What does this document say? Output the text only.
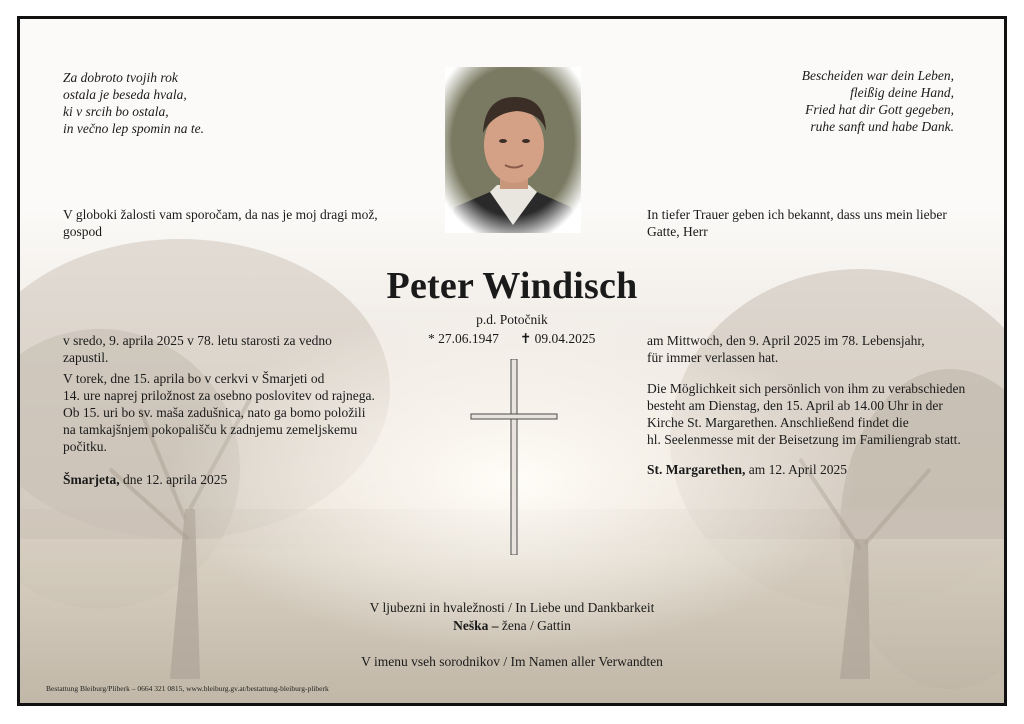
Za dobroto tvojih rok
ostala je beseda hvala,
ki v srcih bo ostala,
in večno lep spomin na te.
Bescheiden war dein Leben,
fleißig deine Hand,
Fried hat dir Gott gegeben,
ruhe sanft und habe Dank.
V globoki žalosti vam sporočam, da nas je moj dragi mož,
gospod
In tiefer Trauer geben ich bekannt, dass uns mein lieber
Gatte, Herr
Peter Windisch
p.d. Potočnik
* 27.06.1947 ✝ 09.04.2025
v sredo, 9. aprila 2025 v 78. letu starosti za vedno
zapustil.
V torek, dne 15. aprila bo v cerkvi v Šmarjeti od
14. ure naprej priložnost za osebno poslovitev od rajnega.
Ob 15. uri bo sv. maša zadušnica, nato ga bomo položili
na tamkajšnjem pokopališču k zadnjemu zemeljskemu
počitku.
Šmarjeta, dne 12. aprila 2025
am Mittwoch, den 9. April 2025 im 78. Lebensjahr,
für immer verlassen hat.
Die Möglichkeit sich persönlich von ihm zu verabschieden
besteht am Dienstag, den 15. April ab 14.00 Uhr in der
Kirche St. Margarethen. Anschließend findet die
hl. Seelenmesse mit der Beisetzung im Familiengrab statt.
St. Margarethen, am 12. April 2025
V ljubezni in hvaležnosti / In Liebe und Dankbarkeit
Neška – žena / Gattin
V imenu vseh sorodnikov / Im Namen aller Verwandten
Bestattung Bleiburg/Pliberk – 0664 321 0815, www.bleiburg.gv.at/bestattung-bleiburg-pliberk
